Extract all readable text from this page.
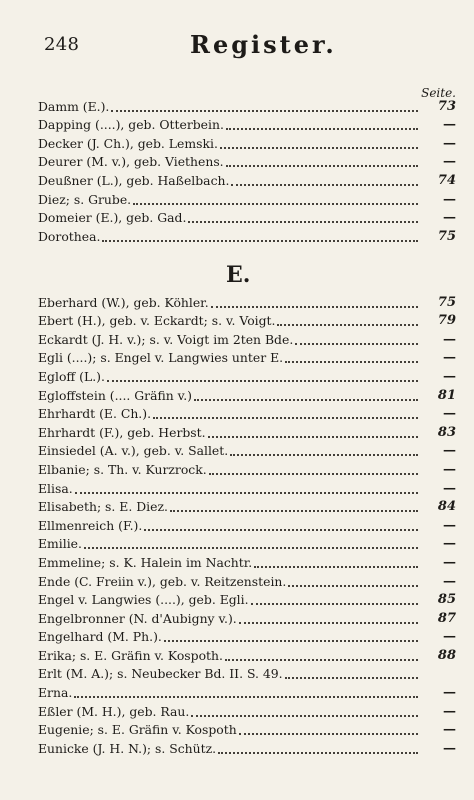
248	Register.
Seite.
Damm (E.).	73
Dapping (....), geb. Otterbein.	—
Decker (J. Ch.), geb. Lemski.	—
Deurer (M. v.), geb. Viethens.	—
Deußner (L.), geb. Haßelbach.	74
Diez; s. Grube.	—
Domeier (E.), geb. Gad.	—
Dorothea.	75
E.
Eberhard (W.), geb. Köhler.	75
Ebert (H.), geb. v. Eckardt; s. v. Voigt.	79
Eckardt (J. H. v.); s. v. Voigt im 2ten Bde.	—
Egli (....); s. Engel v. Langwies unter E.	—
Egloff (L.).	—
Egloffstein (.... Gräfin v.)	81
Ehrhardt (E. Ch.).	—
Ehrhardt (F.), geb. Herbst.	83
Einsiedel (A. v.), geb. v. Sallet.	—
Elbanie; s. Th. v. Kurzrock.	—
Elisa.	—
Elisabeth; s. E. Diez.	84
Ellmenreich (F.).	—
Emilie.	—
Emmeline; s. K. Halein im Nachtr.	—
Ende (C. Freiin v.), geb. v. Reitzenstein.	—
Engel v. Langwies (....), geb. Egli.	85
Engelbronner (N. d'Aubigny v.).	87
Engelhard (M. Ph.).	—
Erika; s. E. Gräfin v. Kospoth.	88
Erlt (M. A.); s. Neubecker Bd. II. S. 49.
Erna.	—
Eßler (M. H.), geb. Rau.	—
Eugenie; s. E. Gräfin v. Kospoth	—
Eunicke (J. H. N.); s. Schütz.	—
